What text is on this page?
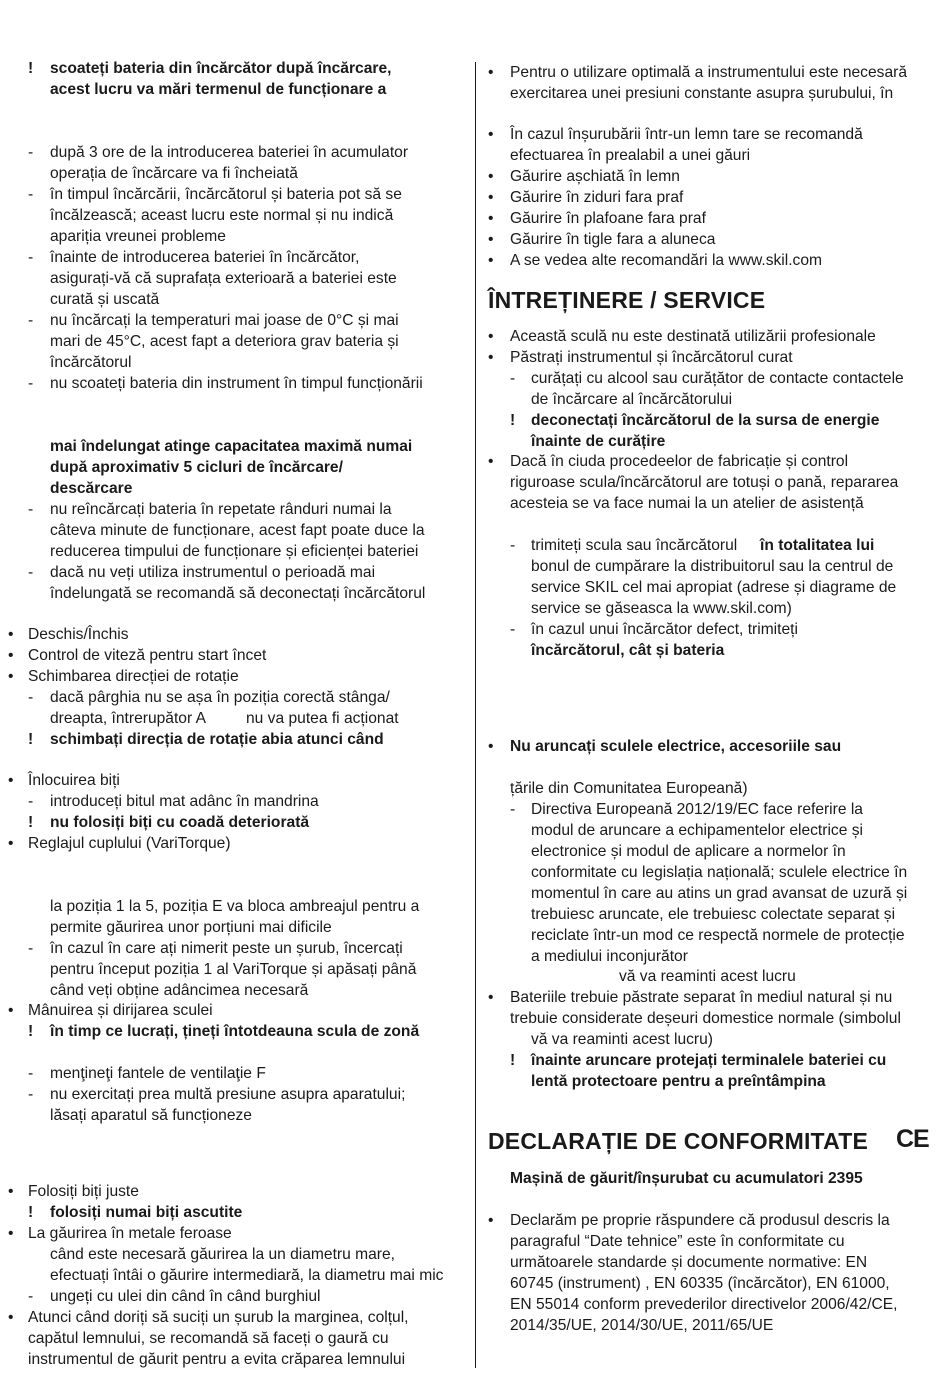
! scoateți bateria din încărcător după încărcare,
acest lucru va mări termenul de funcționare a
- după 3 ore de la introducerea bateriei în acumulator
operația de încărcare va fi încheiată
- în timpul încărcării, încărcătorul și bateria pot să se
încălzească; aceast lucru este normal și nu indică
apariția vreunei probleme
- înainte de introducerea bateriei în încărcător,
asigurați-vă că suprafața exterioară a bateriei este
curată și uscată
- nu încărcați la temperaturi mai joase de 0°C și mai
mari de 45°C, acest fapt a deteriora grav bateria și
încărcătorul
- nu scoateți bateria din instrument în timpul funcționării
mai îndelungat atinge capacitatea maximă numai
după aproximativ 5 cicluri de încărcare/
descărcare
- nu reîncărcați bateria în repetate rânduri numai la
câteva minute de funcționare, acest fapt poate duce la
reducerea timpului de funcționare și eficienței bateriei
- dacă nu veți utiliza instrumentul o perioadă mai
îndelungată se recomandă să deconectați încărcătorul
• Deschis/Închis
• Control de viteză pentru start încet
• Schimbarea direcției de rotație
- dacă pârghia nu se așa în poziția corectă stânga/
dreapta, întrerupător A	nu va putea fi acționat
! schimbați direcția de rotație abia atunci când
• Înlocuirea biți
- introduceți bitul mat adânc în mandrina
! nu folosiți biți cu coadă deteriorată
• Reglajul cuplului (VariTorque)
la poziția 1 la 5, poziția E va bloca ambreajul pentru a
permite găurirea unor porțiuni mai dificile
- în cazul în care ați nimerit peste un șurub, încercați
pentru început poziția 1 al VariTorque și apăsați până
când veți obține adâncimea necesară
• Mânuirea și dirijarea sculei
! în timp ce lucrați, țineți întotdeauna scula de zonă
- menţineţi fantele de ventilaţie F
- nu exercitați prea multă presiune asupra aparatului;
lăsați aparatul să funcționeze
• Folosiți biți juste
! folosiți numai biți ascutite
• La găurirea în metale feroase
când este necesară găurirea la un diametru mare,
efectuați întâi o găurire intermediară, la diametru mai mic
- ungeți cu ulei din când în când burghiul
• Atunci când doriți să suciți un șurub la marginea, colțul,
capătul lemnului, se recomandă să faceți o gaură cu
instrumentul de găurit pentru a evita crăparea lemnului
• Pentru o utilizare optimală a instrumentului este necesară
exercitarea unei presiuni constante asupra șurubului, în
• În cazul înșurubării într-un lemn tare se recomandă
efectuarea în prealabil a unei găuri
• Găurire așchiată în lemn
• Găurire în ziduri fara praf
• Găurire în plafoane fara praf
• Găurire în tigle fara a aluneca
• A se vedea alte recomandări la www.skil.com
- curățați cu alcool sau curățător de contacte contactele
de încărcare al încărcătorului
! deconectați încărcătorul de la sursa de energie
înainte de curățire
• Dacă în ciuda procedeelor de fabricație și control
riguroase scula/încărcătorul are totuși o pană, repararea
acesteia se va face numai la un atelier de asistență
- trimiteți scula sau încărcătorul în totalitatea lui
bonul de cumpărare la distribuitorul sau la centrul de
service SKIL cel mai apropiat (adrese și diagrame de
service se găseasca la www.skil.com)
- în cazul unui încărcător defect, trimiteți
încărcătorul, cât și bateria
• Nu aruncați sculele electrice, accesoriile sau
țările din Comunitatea Europeană)
- Directiva Europeană 2012/19/EC face referire la
modul de aruncare a echipamentelor electrice și
electronice și modul de aplicare a normelor în
conformitate cu legislația națională; sculele electrice în
momentul în care au atins un grad avansat de uzură și
trebuiesc aruncate, ele trebuiesc colectate separat și
reciclate într-un mod ce respectă normele de protecție
a mediului inconjurător
vă va reaminti acest lucru
• Bateriile trebuie păstrate separat în mediul natural și nu
trebuie considerate deșeuri domestice normale (simbolul
vă va reaminti acest lucru)
! înainte aruncare protejați terminalele bateriei cu
lentă protectoare pentru a preîntâmpina
Mașină de găurit/înșurubat cu acumulatori 2395
• Declarăm pe proprie răspundere că produsul descris la
paragraful “Date tehnice” este în conformitate cu
următoarele standarde și documente normative: EN
60745 (instrument) , EN 60335 (încărcător), EN 61000,
EN 55014 conform prevederilor directivelor 2006/42/CE,
2014/35/UE, 2014/30/UE, 2011/65/UE
• Această sculă nu este destinată utilizării profesionale
• Păstrați instrumentul și încărcătorul curat
ÎNTREȚINERE / SERVICE
DECLARAȚIE DE CONFORMITATE CE
